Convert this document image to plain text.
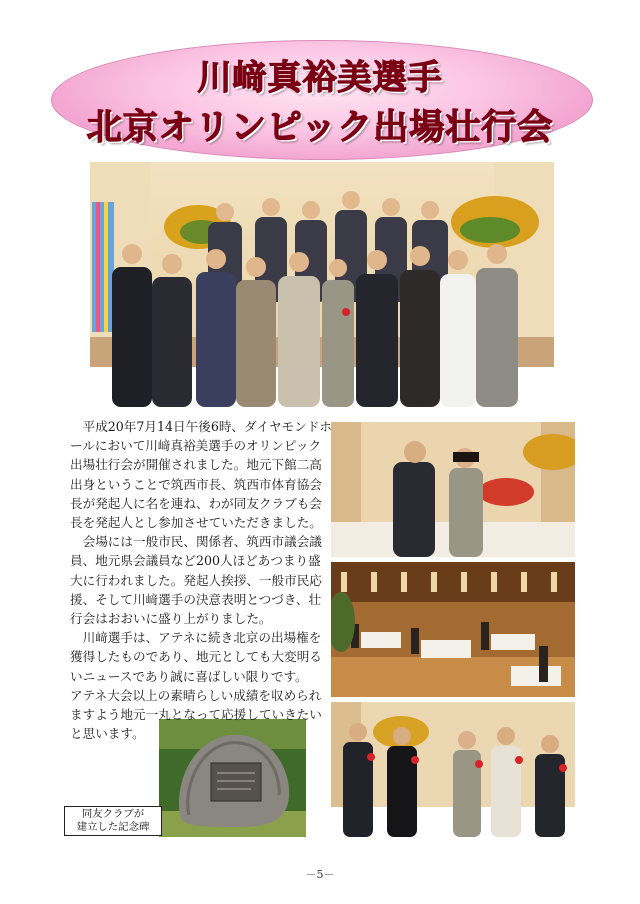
川﨑真裕美選手
北京オリンピック出場壮行会

　平成20年7月14日午後6時、ダイヤモンドホールにおいて川﨑真裕美選手のオリンピック出場壮行会が開催されました。地元下館二高出身ということで筑西市長、筑西市体育協会長が発起人に名を連ね、わが同友クラブも会長を発起人とし参加させていただきました。

　会場には一般市民、関係者、筑西市議会議員、地元県会議員など200人ほどあつまり盛大に行われました。発起人挨拶、一般市民応援、そして川﨑選手の決意表明とつづき、壮行会はおおいに盛り上がりました。

　川﨑選手は、アテネに続き北京の出場権を獲得したものであり、地元としても大変明るいニュースであり誠に喜ばしい限りです。

アテネ大会以上の素晴らしい成績を収められますよう地元一丸となって応援していきたいと思います。

同友クラブが
建立した記念碑
－5－
